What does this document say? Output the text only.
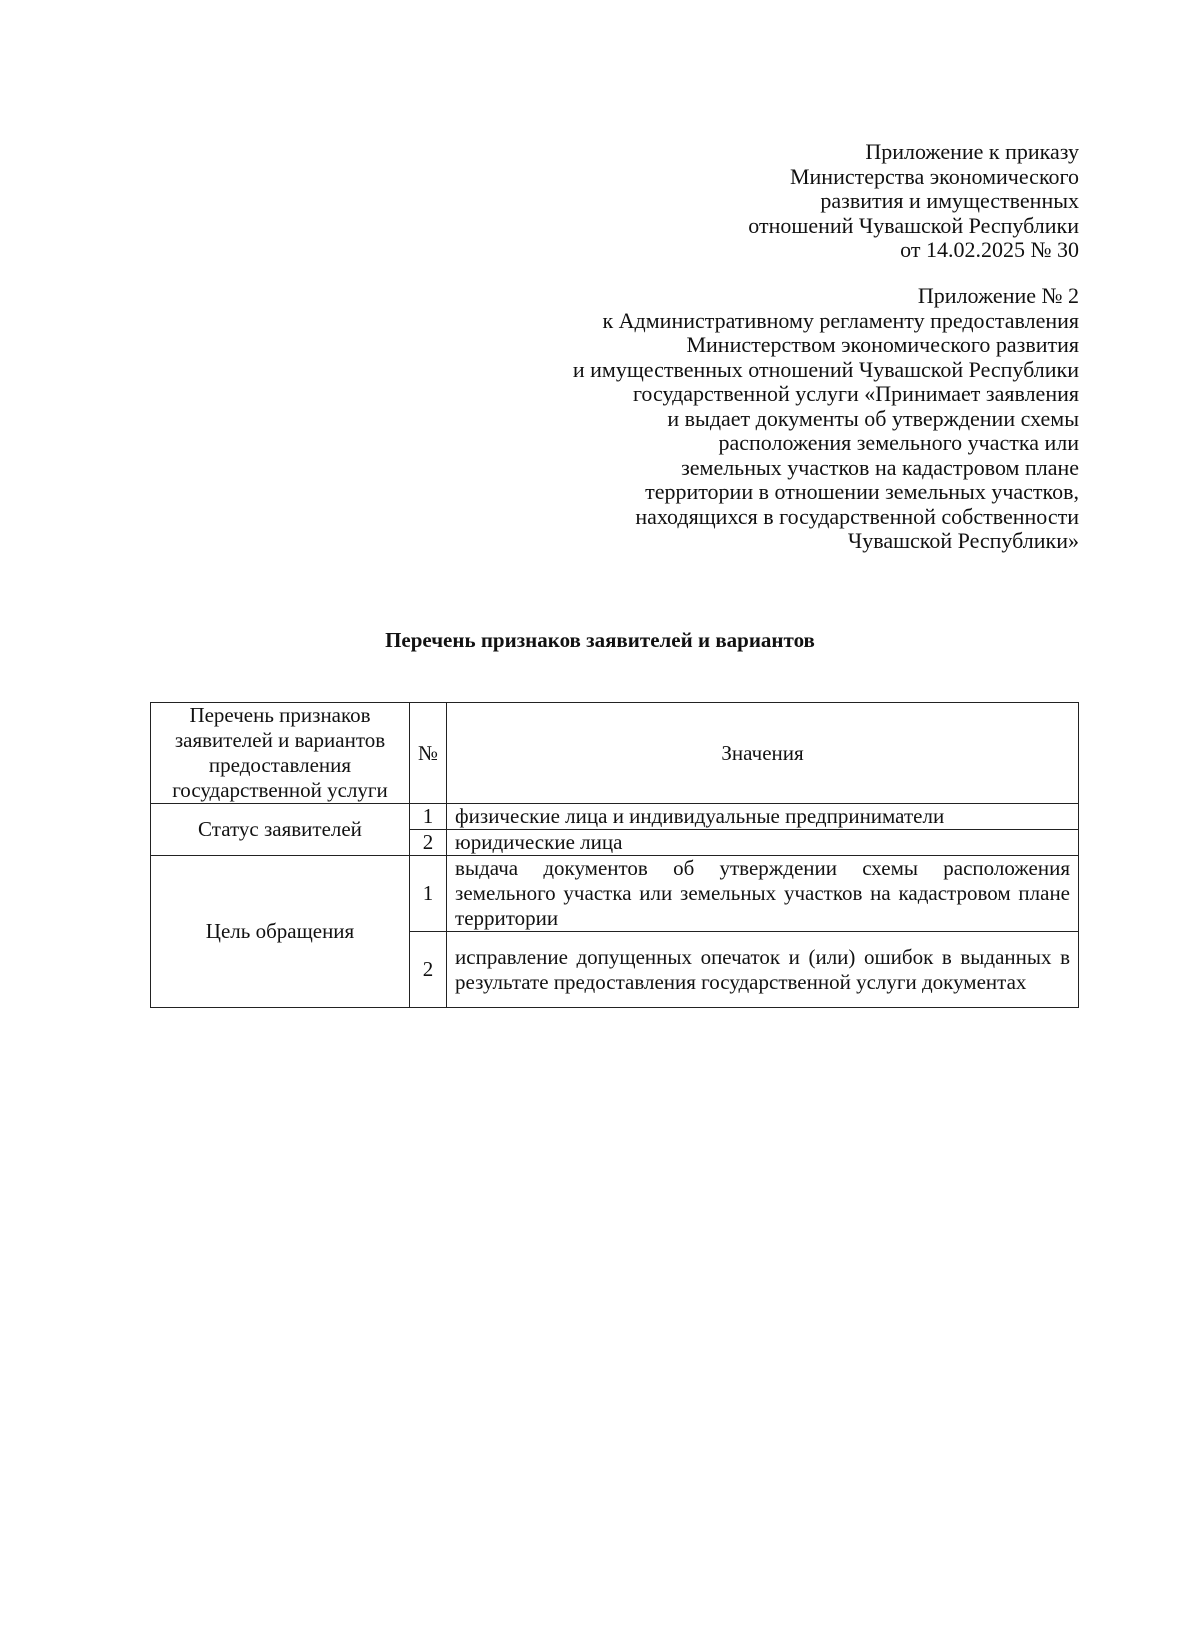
Приложение к приказу
Министерства экономического
развития и имущественных
отношений Чувашской Республики
от 14.02.2025 № 30
Приложение № 2
к Административному регламенту предоставления
Министерством экономического развития
и имущественных отношений Чувашской Республики
государственной услуги «Принимает заявления
и выдает документы об утверждении схемы
расположения земельного участка или
земельных участков на кадастровом плане
территории в отношении земельных участков,
находящихся в государственной собственности
Чувашской Республики»
Перечень признаков заявителей и вариантов
Перечень признаков заявителей и вариантов предоставления государственной услуги	№	Значения
Статус заявителей	1	физические лица и индивидуальные предприниматели
	2	юридические лица
Цель обращения	1	выдача документов об утверждении схемы расположения земельного участка или земельных участков на кадастровом плане территории
	2	исправление допущенных опечаток и (или) ошибок в выданных в результате предоставления государственной услуги документах
